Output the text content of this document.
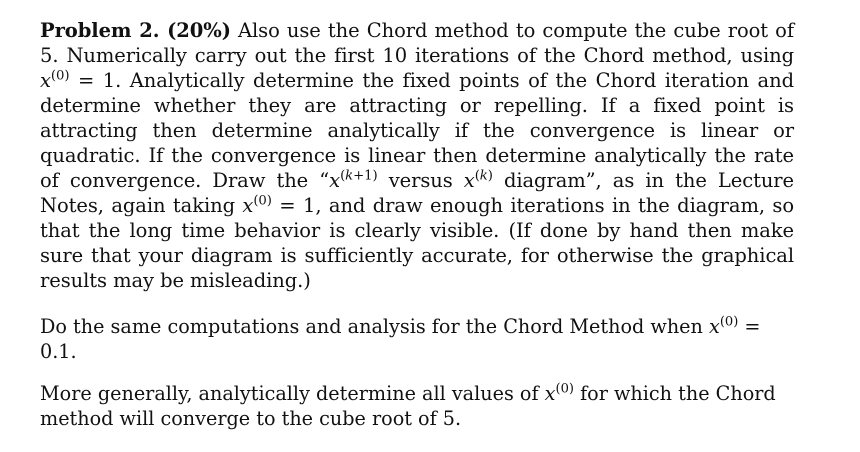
Problem 2. (20%) Also use the Chord method to compute the cube root of 5. Numerically carry out the first 10 iterations of the Chord method, using $x^{(0)} = 1$. Analytically determine the fixed points of the Chord iteration and determine whether they are attracting or repelling. If a fixed point is attracting then determine analytically if the convergence is linear or quadratic. If the convergence is linear then determine analytically the rate of convergence. Draw the “$x^{(k+1)}$ versus $x^{(k)}$ diagram”, as in the Lecture Notes, again taking $x^{(0)} = 1$, and draw enough iterations in the diagram, so that the long time behavior is clearly visible. (If done by hand then make sure that your diagram is sufficiently accurate, for otherwise the graphical results may be misleading.)

Do the same computations and analysis for the Chord Method when $x^{(0)} = 0.1$.

More generally, analytically determine all values of $x^{(0)}$ for which the Chord method will converge to the cube root of 5.
